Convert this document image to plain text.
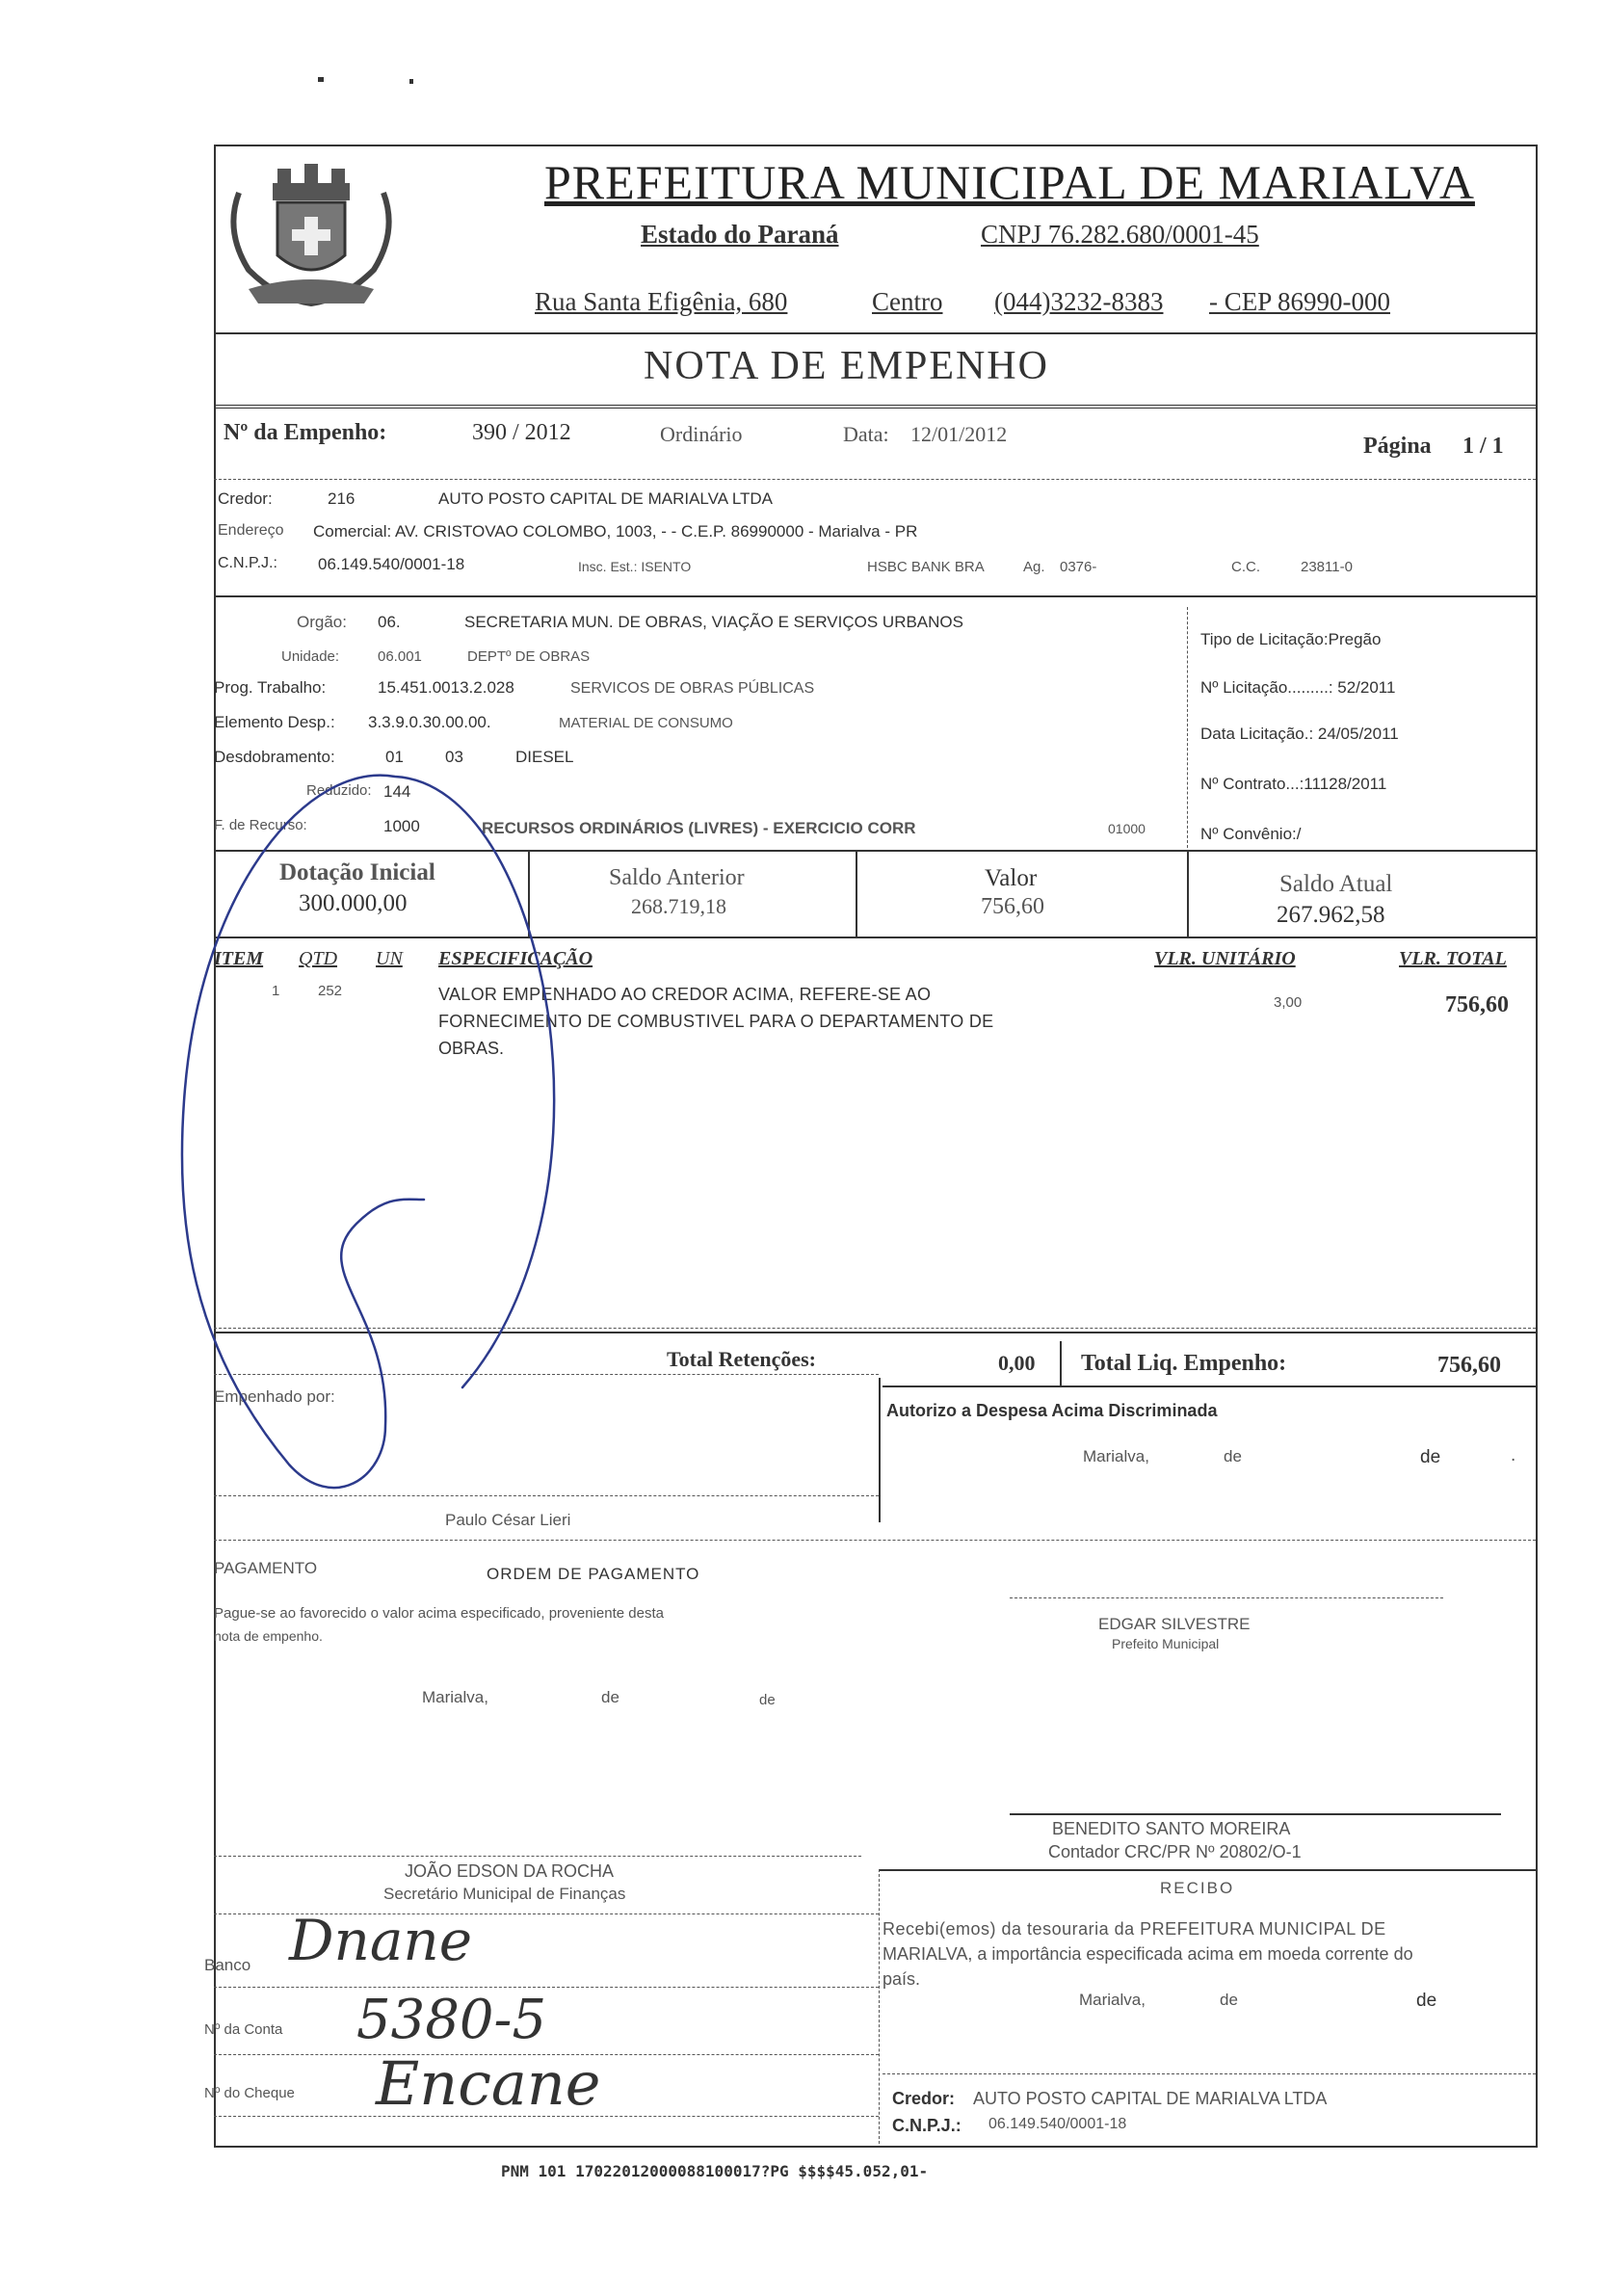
PREFEITURA MUNICIPAL DE MARIALVA
Estado do Paraná	CNPJ 76.282.680/0001-45
Rua Santa Efigênia, 680	Centro (044)3232-8383 - CEP 86990-000
NOTA DE EMPENHO
Nº da Empenho:	390 / 2012	Ordinário	Data: 12/01/2012	Página 1 / 1
Credor:	216	AUTO POSTO CAPITAL DE MARIALVA LTDA
Endereço Comercial: AV. CRISTOVAO COLOMBO, 1003, - - C.E.P. 86990000 - Marialva - PR
C.N.P.J.: 06.149.540/0001-18	Insc. Est.: ISENTO	HSBC BANK BRA	Ag. 0376-	C.C.	23811-0
Orgão: 06.	SECRETARIA MUN. DE OBRAS, VIAÇÃO E SERVIÇOS URBANOS
Unidade:	06.001	DEPTº DE OBRAS
Prog. Trabalho:	15.451.0013.2.028	SERVICOS DE OBRAS PÚBLICAS
Elemento Desp.: 3.3.9.0.30.00.00.	MATERIAL DE CONSUMO
Desdobramento:	01	03	DIESEL
Reduzido: 144
F. de Recurso:	1000	RECURSOS ORDINÁRIOS (LIVRES) - EXERCICIO CORR	01000
Tipo de Licitação:Pregão
Nº Licitação.........: 52/2011
Data Licitação.: 24/05/2011
Nº Contrato...:11128/2011
Nº Convênio:/
Dotação Inicial
300.000,00
Saldo Anterior
268.719,18
Valor
756,60
Saldo Atual
267.962,58
ITEM QTD UN ESPECIFICAÇÃO	VLR. UNITÁRIO	VLR. TOTAL
1	252	VALOR EMPENHADO AO CREDOR ACIMA, REFERE-SE AO
FORNECIMENTO DE COMBUSTIVEL PARA O DEPARTAMENTO DE
OBRAS.
3,00	756,60
Total Retenções:	0,00 Total Liq. Empenho:	756,60
Empenhado por:
Paulo César Lieri
Autorizo a Despesa Acima Discriminada
Marialva,	de	de	.
PAGAMENTO	ORDEM DE PAGAMENTO
Pague-se ao favorecido o valor acima especificado, proveniente desta
nota de empenho.
Marialva,	de	de
EDGAR SILVESTRE
Prefeito Municipal
BENEDITO SANTO MOREIRA
Contador CRC/PR Nº 20802/O-1
JOÃO EDSON DA ROCHA
Secretário Municipal de Finanças	RECIBO
Recebi(emos) da tesouraria da PREFEITURA MUNICIPAL DE
MARIALVA, a importância especificada acima em moeda corrente do
país.
Marialva,	de	de
Credor: AUTO POSTO CAPITAL DE MARIALVA LTDA
C.N.P.J.: 06.149.540/0001-18
Banco Dnane
Nº da Conta 5380-5
Nº do Cheque Encane
PNM 101 17022012000088100017?PG $$$$45.052,01-
